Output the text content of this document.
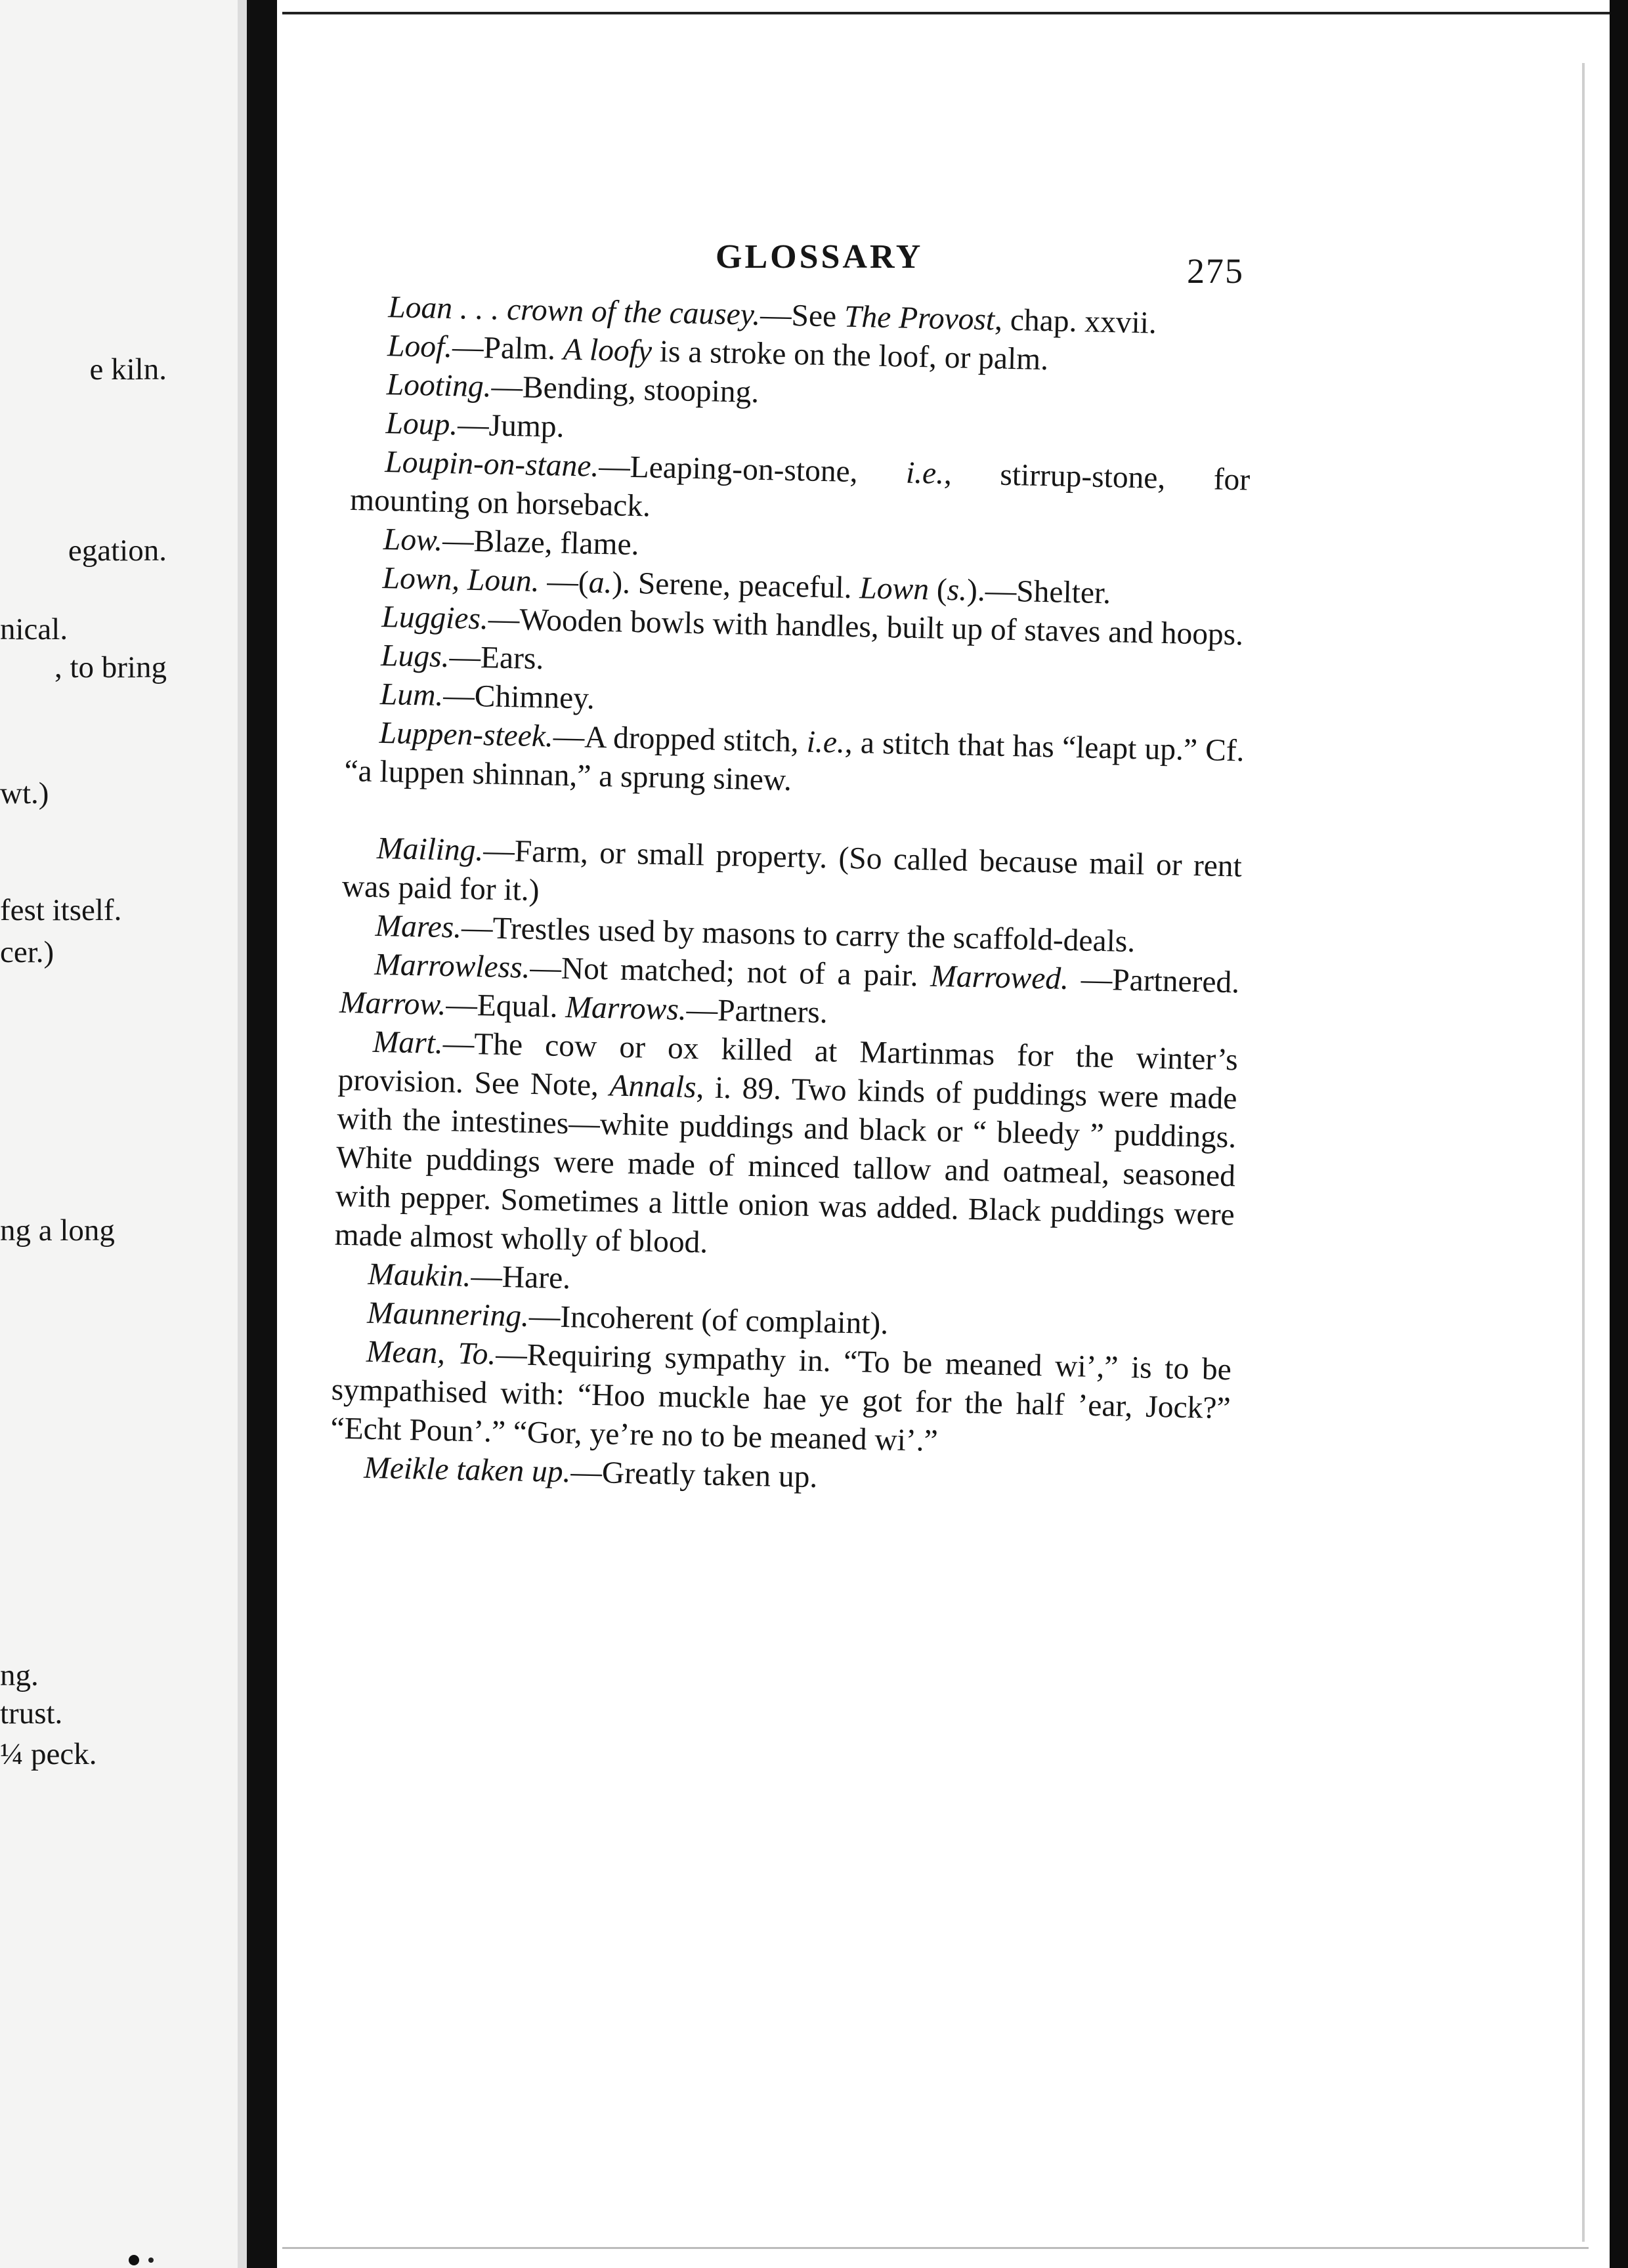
e kiln.
egation.
nical.
, to bring
wt.)
fest itself.
cer.)
ng a long
ng.
trust.
¼ peck.
GLOSSARY	275

Loan . . . crown of the causey.—See The Provost, chap. xxvii.

Loof.—Palm. A loofy is a stroke on the loof, or palm.

Looting.—Bending, stooping.

Loup.—Jump.

Loupin-on-stane.—Leaping-on-stone, i.e., stirrup-stone, for mounting on horseback.

Low.—Blaze, flame.

Lown, Loun. —(a.). Serene, peaceful. Lown (s.).—Shelter.

Luggies.—Wooden bowls with handles, built up of staves and hoops.

Lugs.—Ears.

Lum.—Chimney.

Luppen-steek.—A dropped stitch, i.e., a stitch that has “leapt up.” Cf. “a luppen shinnan,” a sprung sinew.

Mailing.—Farm, or small property. (So called because mail or rent was paid for it.)

Mares.—Trestles used by masons to carry the scaffold-deals.

Marrowless.—Not matched; not of a pair. Marrowed. —Partnered. Marrow.—Equal. Marrows.—Partners.

Mart.—The cow or ox killed at Martinmas for the winter’s provision. See Note, Annals, i. 89. Two kinds of puddings were made with the intestines—white puddings and black or “ bleedy ” puddings. White puddings were made of minced tallow and oatmeal, seasoned with pepper. Sometimes a little onion was added. Black puddings were made almost wholly of blood.

Maukin.—Hare.

Maunnering.—Incoherent (of complaint).

Mean, To.—Requiring sympathy in. “To be meaned wi’,” is to be sympathised with: “Hoo muckle hae ye got for the half ’ear, Jock?” “Echt Poun’.” “Gor, ye’re no to be meaned wi’.”

Meikle taken up.—Greatly taken up.
